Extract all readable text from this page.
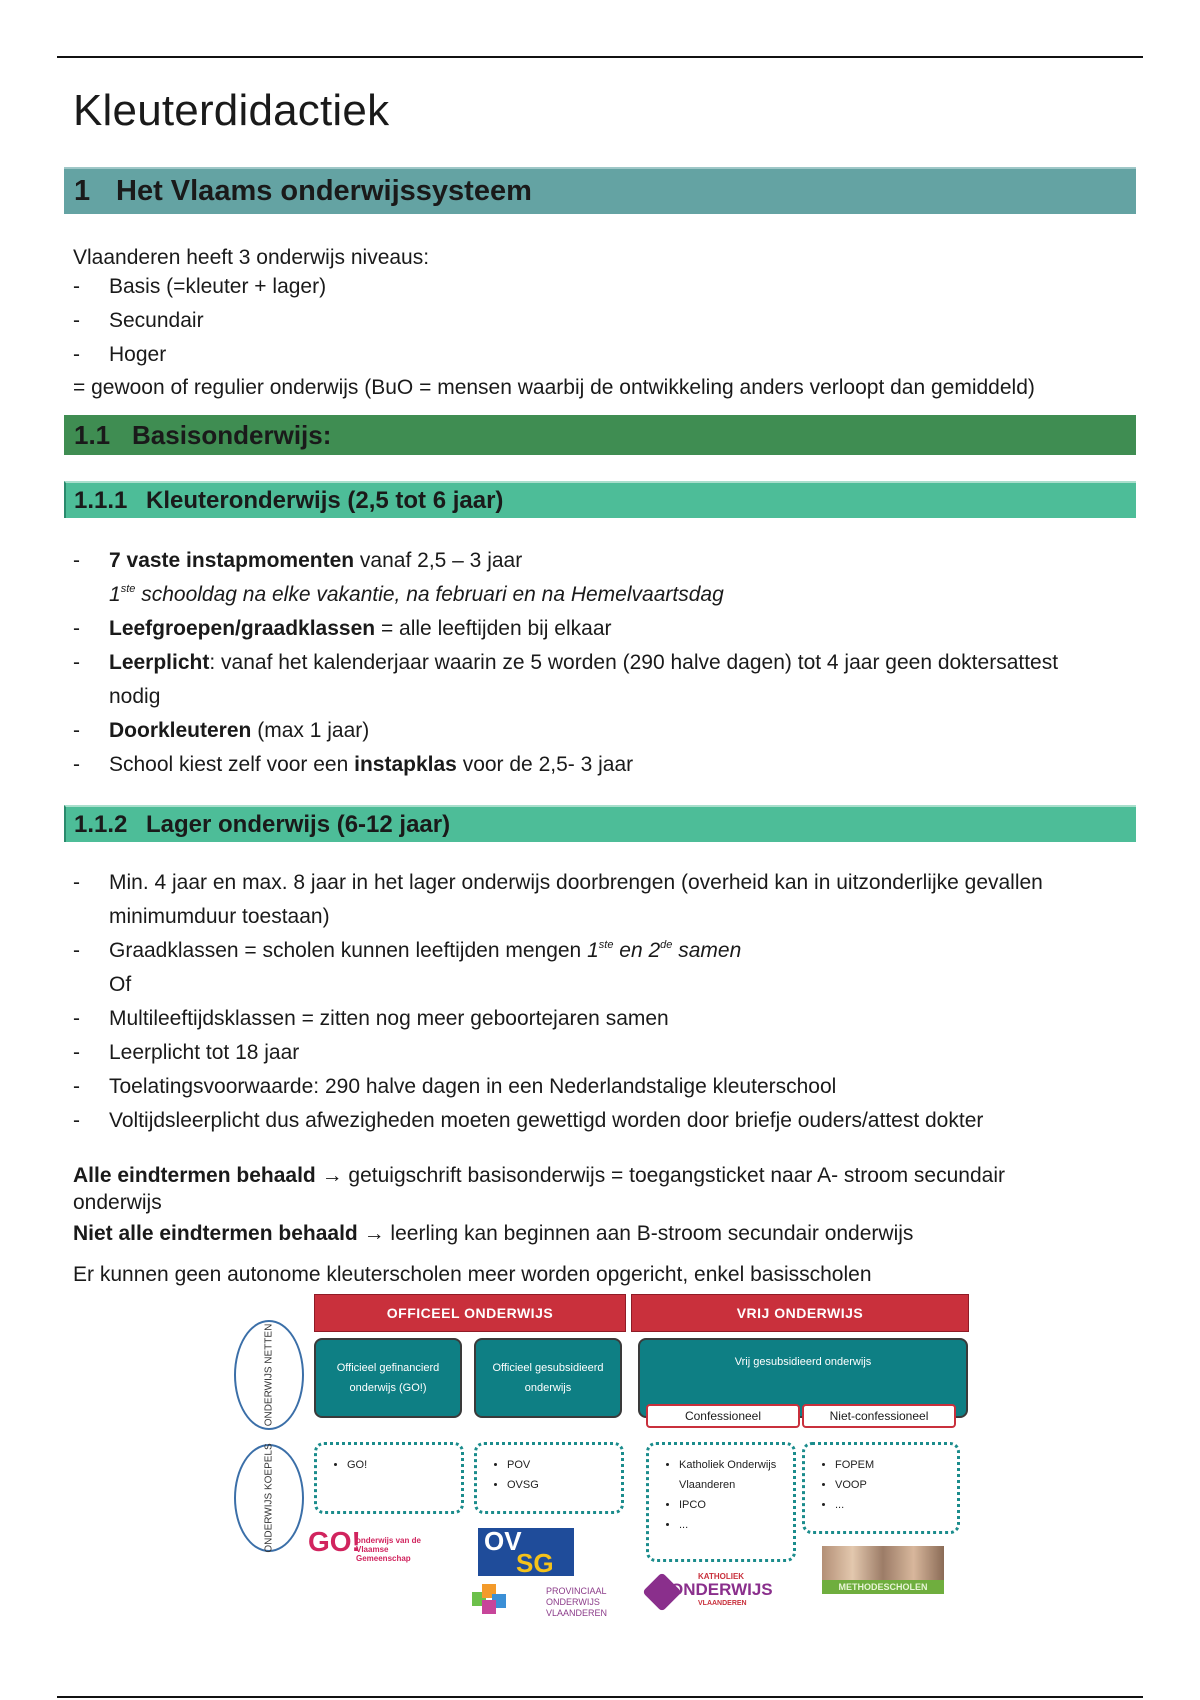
Kleuterdidactiek
1 Het Vlaams onderwijssysteem
Vlaanderen heeft 3 onderwijs niveaus:
- Basis (=kleuter + lager)
- Secundair
- Hoger
= gewoon of regulier onderwijs (BuO = mensen waarbij de ontwikkeling anders verloopt dan gemiddeld)
1.1 Basisonderwijs:
1.1.1 Kleuteronderwijs (2,5 tot 6 jaar)
- 7 vaste instapmomenten vanaf 2,5 – 3 jaar
1ste schooldag na elke vakantie, na februari en na Hemelvaartsdag
- Leefgroepen/graadklassen = alle leeftijden bij elkaar
- Leerplicht: vanaf het kalenderjaar waarin ze 5 worden (290 halve dagen) tot 4 jaar geen doktersattest
nodig
- Doorkleuteren (max 1 jaar)
- School kiest zelf voor een instapklas voor de 2,5- 3 jaar
1.1.2 Lager onderwijs (6-12 jaar)
- Min. 4 jaar en max. 8 jaar in het lager onderwijs doorbrengen (overheid kan in uitzonderlijke gevallen
minimumduur toestaan)
- Graadklassen = scholen kunnen leeftijden mengen 1ste en 2de samen
Of
- Multileeftijdsklassen = zitten nog meer geboortejaren samen
- Leerplicht tot 18 jaar
- Toelatingsvoorwaarde: 290 halve dagen in een Nederlandstalige kleuterschool
- Voltijdsleerplicht dus afwezigheden moeten gewettigd worden door briefje ouders/attest dokter
Alle eindtermen behaald → getuigschrift basisonderwijs = toegangsticket naar A- stroom secundair
onderwijs
Niet alle eindtermen behaald → leerling kan beginnen aan B-stroom secundair onderwijs
Er kunnen geen autonome kleuterscholen meer worden opgericht, enkel basisscholen
OFFICEEL ONDERWIJS	VRIJ ONDERWIJS
ONDERWIJS NETTEN
ONDERWIJS KOEPELS
Officieel gefinancierd onderwijs (GO!)
Officieel gesubsidieerd onderwijs
Vrij gesubsidieerd onderwijs
Confessioneel	Niet-confessioneel
• GO!
•	POV
• OVSG
• Katholiek Onderwijs Vlaanderen
• IPCO
• ...
• FOPEM
• VOOP
• ...
GO!
onderwijs van de Vlaamse Gemeenschap
OV
SG
PROVINCIAAL ONDERWIJS VLAANDEREN
KATHOLIEK
ONDERWIJS
VLAANDEREN
METHODESCHOLEN
